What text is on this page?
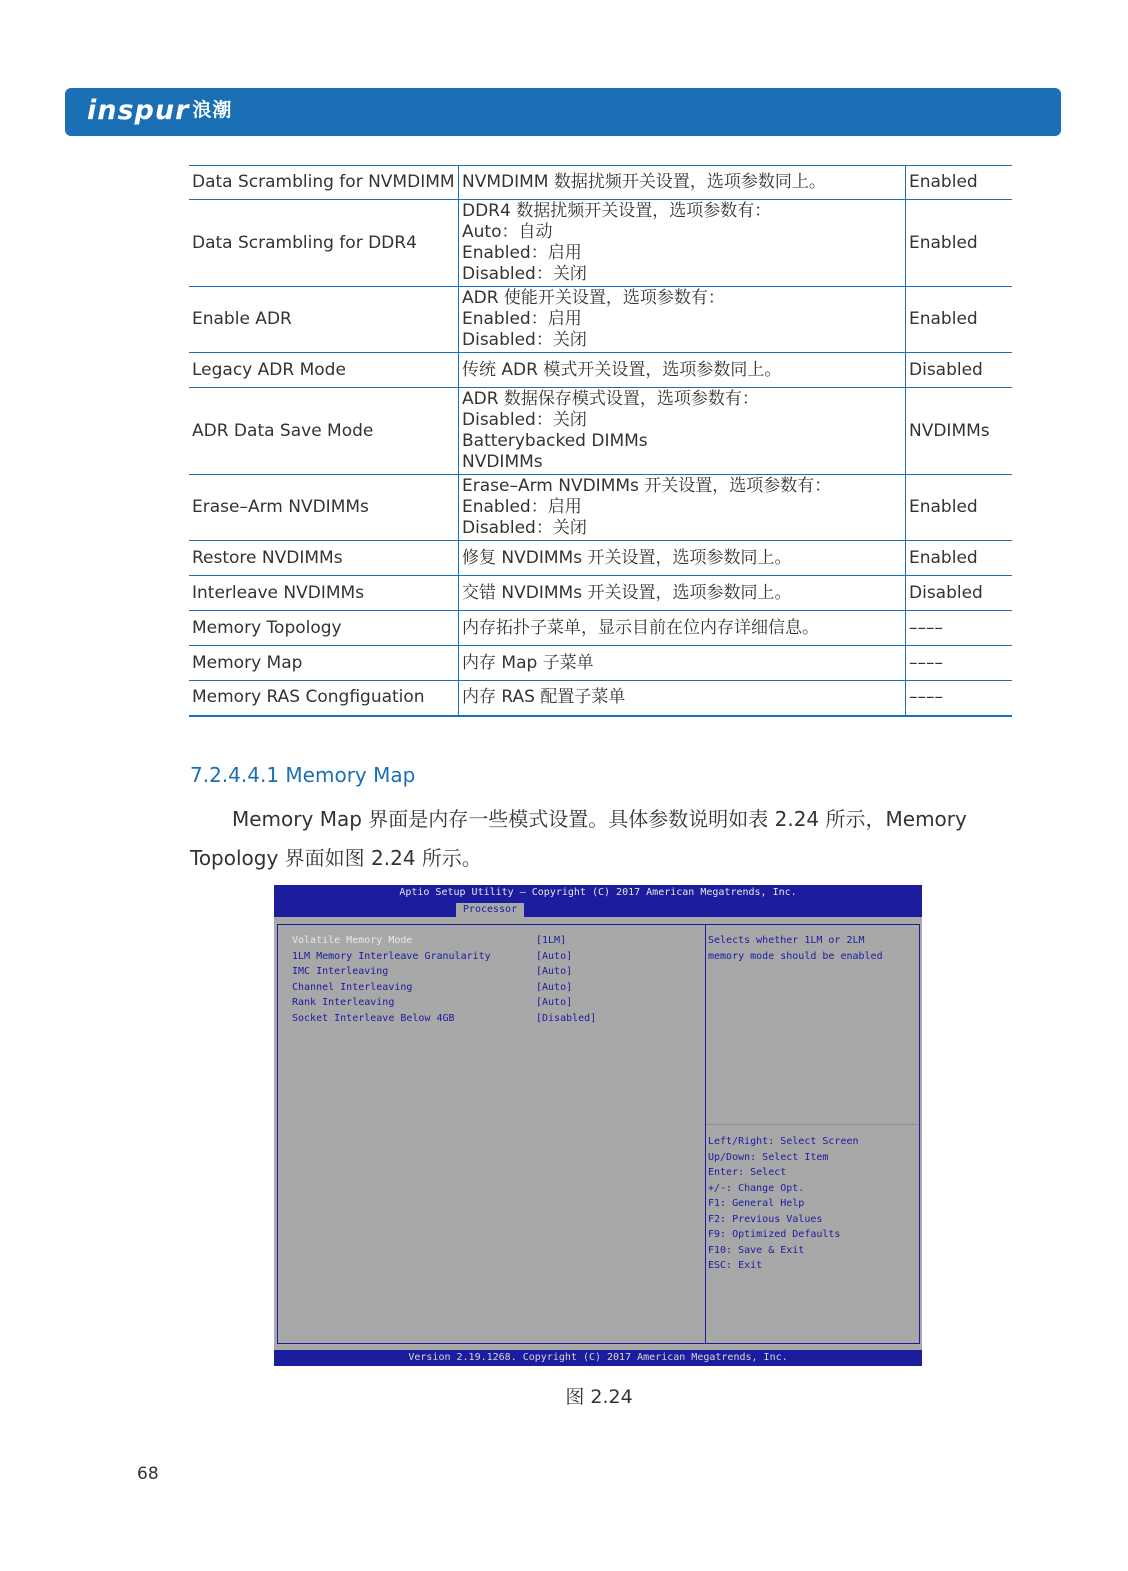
inspur 浪潮
Data Scrambling for NVMDIMM	NVMDIMM 数据扰频开关设置，选项参数同上。	Enabled
Data Scrambling for DDR4	DDR4 数据扰频开关设置，选项参数有：
Auto：自动
Enabled：启用
Disabled：关闭	Enabled
Enable ADR	ADR 使能开关设置，选项参数有：
Enabled：启用
Disabled：关闭	Enabled
Legacy ADR Mode	传统 ADR 模式开关设置，选项参数同上。	Disabled
ADR Data Save Mode	ADR 数据保存模式设置，选项参数有：
Disabled：关闭
Batterybacked DIMMs
NVDIMMs	NVDIMMs
Erase–Arm NVDIMMs	Erase–Arm NVDIMMs 开关设置，选项参数有：
Enabled：启用
Disabled：关闭	Enabled
Restore NVDIMMs	修复 NVDIMMs 开关设置，选项参数同上。	Enabled
Interleave NVDIMMs	交错 NVDIMMs 开关设置，选项参数同上。	Disabled
Memory Topology	内存拓扑子菜单，显示目前在位内存详细信息。	––––
Memory Map	内存 Map 子菜单	––––
Memory RAS Congfiguation	内存 RAS 配置子菜单	––––
7.2.4.4.1 Memory Map
Memory Map 界面是内存一些模式设置。具体参数说明如表 2.24 所示，Memory
Topology 界面如图 2.24 所示。
Aptio Setup Utility – Copyright (C) 2017 American Megatrends, Inc.
Processor
Volatile Memory Mode	[1LM]
1LM Memory Interleave Granularity	[Auto]
IMC Interleaving	[Auto]
Channel Interleaving	[Auto]
Rank Interleaving	[Auto]
Socket Interleave Below 4GB	[Disabled]
Selects whether 1LM or 2LM
memory mode should be enabled
Left/Right: Select Screen
Up/Down: Select Item
Enter: Select
+/-: Change Opt.
F1: General Help
F2: Previous Values
F9: Optimized Defaults
F10: Save & Exit
ESC: Exit
Version 2.19.1268. Copyright (C) 2017 American Megatrends, Inc.
图 2.24
68
